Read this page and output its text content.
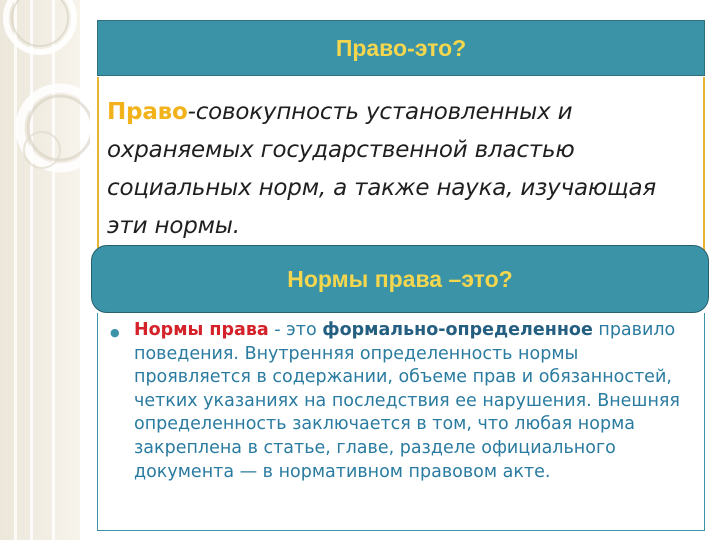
Право-это?
Право-совокупность установленных и охраняемых государственной властью социальных норм, а также наука, изучающая эти нормы.
Нормы права –это?
● Нормы права - это формально-определенное правило поведения. Внутренняя определенность нормы проявляется в содержании, объеме прав и обязанностей, четких указаниях на последствия ее нарушения. Внешняя определенность заключается в том, что любая норма закреплена в статье, главе, разделе официального документа — в нормативном правовом акте.
